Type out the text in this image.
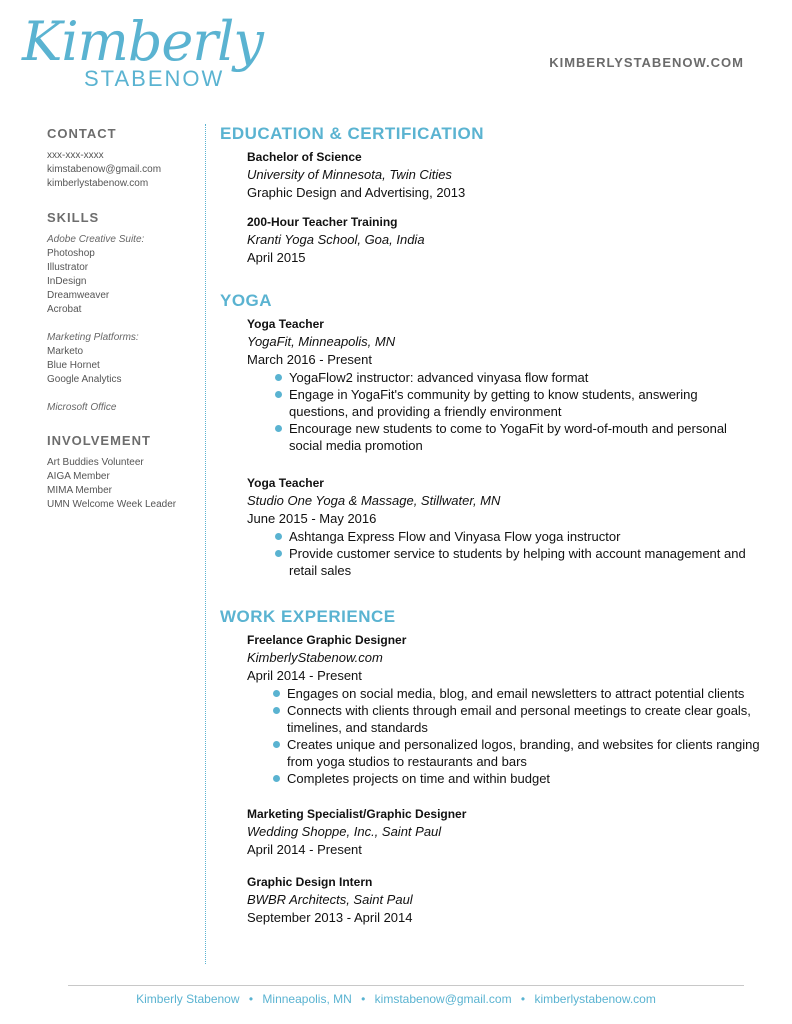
Kimberly
STABENOW
KIMBERLYSTABENOW.COM
CONTACT
xxx-xxx-xxxx
kimstabenow@gmail.com
kimberlystabenow.com
SKILLS
Adobe Creative Suite:
Photoshop
Illustrator
InDesign
Dreamweaver
Acrobat
Marketing Platforms:
Marketo
Blue Hornet
Google Analytics
Microsoft Office
INVOLVEMENT
Art Buddies Volunteer
AIGA Member
MIMA Member
UMN Welcome Week Leader
EDUCATION & CERTIFICATION
Bachelor of Science
University of Minnesota, Twin Cities
Graphic Design and Advertising, 2013
200-Hour Teacher Training
Kranti Yoga School, Goa, India
April 2015
YOGA
Yoga Teacher
YogaFit, Minneapolis, MN
March 2016 - Present
YogaFlow2 instructor: advanced vinyasa flow format
Engage in YogaFit's community by getting to know students, answering questions, and providing a friendly environment
Encourage new students to come to YogaFit by word-of-mouth and personal social media promotion
Yoga Teacher
Studio One Yoga & Massage, Stillwater, MN
June 2015 - May 2016
Ashtanga Express Flow and Vinyasa Flow yoga instructor
Provide customer service to students by helping with account management and retail sales
WORK EXPERIENCE
Freelance Graphic Designer
KimberlyStabenow.com
April 2014 - Present
Engages on social media, blog, and email newsletters to attract potential clients
Connects with clients through email and personal meetings to create clear goals, timelines, and standards
Creates unique and personalized logos, branding, and websites for clients ranging from yoga studios to restaurants and bars
Completes projects on time and within budget
Marketing Specialist/Graphic Designer
Wedding Shoppe, Inc., Saint Paul
April 2014 - Present
Graphic Design Intern
BWBR Architects, Saint Paul
September 2013 - April 2014
Kimberly Stabenow • Minneapolis, MN • kimstabenow@gmail.com • kimberlystabenow.com
